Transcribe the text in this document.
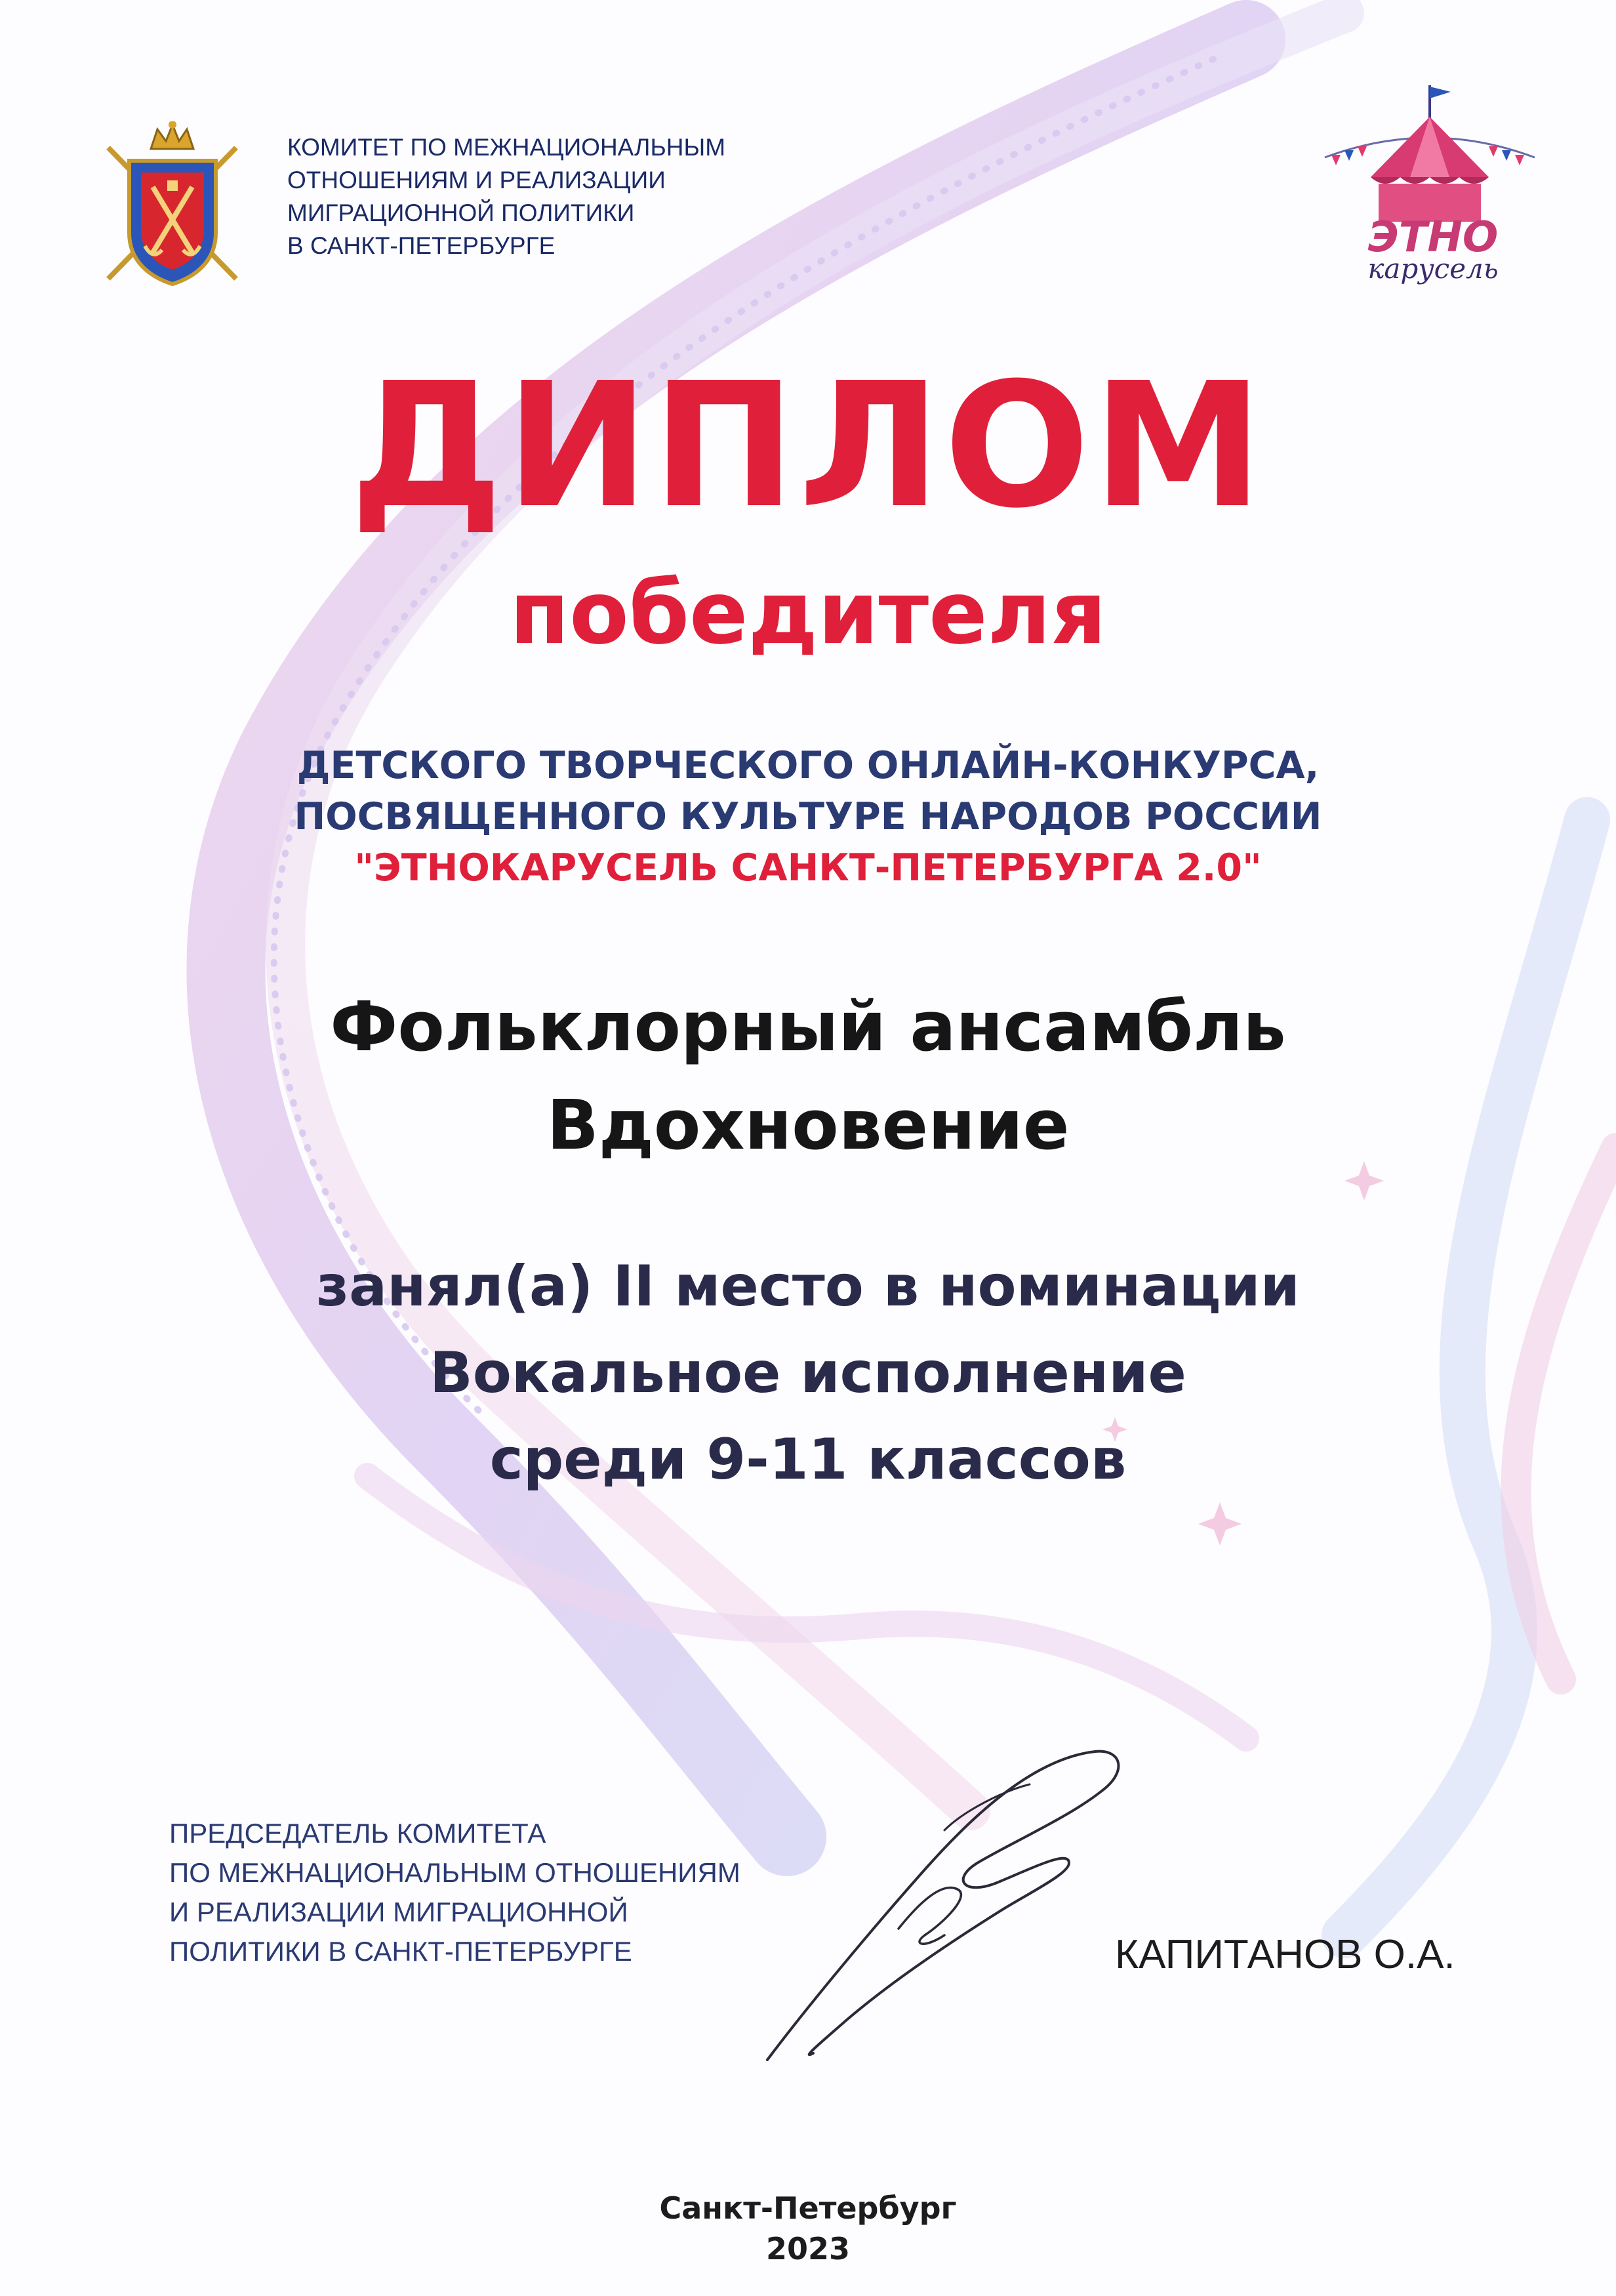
КОМИТЕТ ПО МЕЖНАЦИОНАЛЬНЫМ
ОТНОШЕНИЯМ И РЕАЛИЗАЦИИ
МИГРАЦИОННОЙ ПОЛИТИКИ
В САНКТ-ПЕТЕРБУРГЕ	ЭТНО
карусель
ДИПЛОМ
победителя
ДЕТСКОГО ТВОРЧЕСКОГО ОНЛАЙН-КОНКУРСА,
ПОСВЯЩЕННОГО КУЛЬТУРЕ НАРОДОВ РОССИИ
"ЭТНОКАРУСЕЛЬ САНКТ-ПЕТЕРБУРГА 2.0"
Фольклорный ансамбль
Вдохновение
занял(а) II место в номинации
Вокальное исполнение
среди 9-11 классов
ПРЕДСЕДАТЕЛЬ КОМИТЕТА
ПО МЕЖНАЦИОНАЛЬНЫМ ОТНОШЕНИЯМ
И РЕАЛИЗАЦИИ МИГРАЦИОННОЙ
ПОЛИТИКИ В САНКТ-ПЕТЕРБУРГЕ	КАПИТАНОВ О.А.
Санкт-Петербург
2023
